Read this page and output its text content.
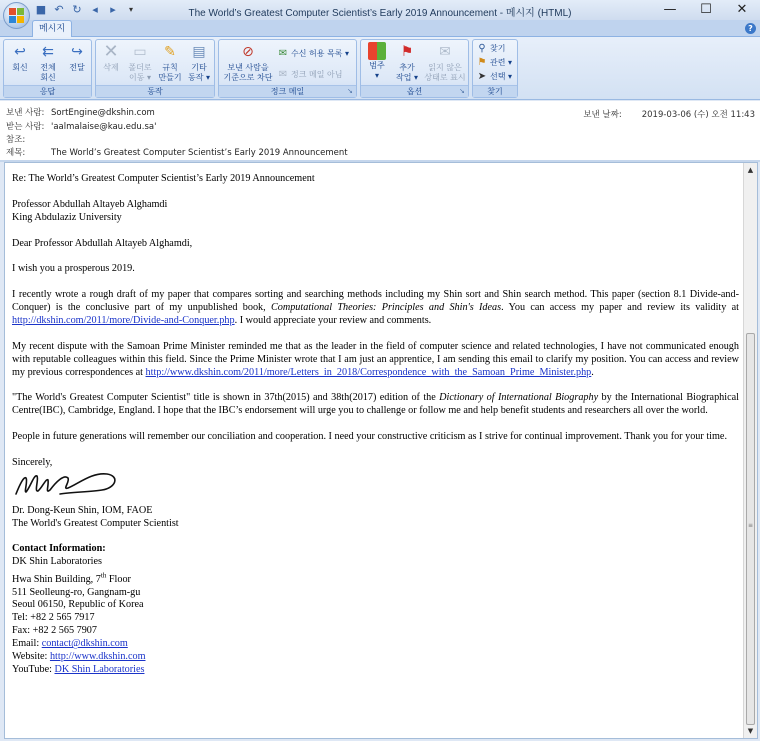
The World’s Greatest Computer Scientist’s Early 2019 Announcement - 메시지 (HTML)	—	☐	✕
■ ↶ ↻ ◂	▸	▾
메시지	?
↩
회신
⇇
전체
회신
↪
전달
응답
✕
삭제
▭
폴더로
이동 ▾
✎
규칙
만들기
▤
기타
동작 ▾
동작
⊘
보낸 사람을
기준으로 차단
✉ 수신 허용 목록 ▾
✉ 정크 메일 아님
정크 메일	↘
범주
▾
⚑
추가
작업 ▾
✉
읽지 않은
상태로 표시
옵션	↘
⚲ 찾기
⚑ 관련 ▾
➤ 선택 ▾
찾기
보낸 사람: SortEngine@dkshin.com
받는 사람: 'aalmalaise@kau.edu.sa'
참조:
제목:	The World’s Greatest Computer Scientist’s Early 2019 Announcement
보낸 날짜: 2019-03-06 (수) 오전 11:43

Re: The World’s Greatest Computer Scientist’s Early 2019 Announcement

Professor Abdullah Altayeb Alghamdi
King Abdulaziz University

Dear Professor Abdullah Altayeb Alghamdi,

I wish you a prosperous 2019.

I recently wrote a rough draft of my paper that compares sorting and searching methods including my Shin sort and Shin search method. This paper (section 8.1 Divide-and-Conquer) is the conclusive part of my unpublished book, Computational Theories: Principles and Shin's Ideas. You can access my paper and review its validity at http://dkshin.com/2011/more/Divide-and-Conquer.php. I would appreciate your review and comments.

My recent dispute with the Samoan Prime Minister reminded me that as the leader in the field of computer science and related technologies, I have not communicated enough with reputable colleagues within this field. Since the Prime Minister wrote that I am just an apprentice, I am sending this email to clarify my position. You can access and review my previous correspondences at http://www.dkshin.com/2011/more/Letters_in_2018/Correspondence_with_the_Samoan_Prime_Minister.php.

"The World's Greatest Computer Scientist" title is shown in 37th(2015) and 38th(2017) edition of the Dictionary of International Biography by the International Biographical Centre(IBC), Cambridge, England. I hope that the IBC’s endorsement will urge you to challenge or follow me and help benefit students and researchers all over the world.

People in future generations will remember our conciliation and cooperation. I need your constructive criticism as I strive for continual improvement. Thank you for your time.

Sincerely,

Dr. Dong-Keun Shin, IOM, FAOE
The World's Greatest Computer Scientist

Contact Information:
DK Shin Laboratories
Hwa Shin Building, 7th Floor
511 Seolleung-ro, Gangnam-gu
Seoul 06150, Republic of Korea
Tel: +82 2 565 7917
Fax: +82 2 565 7907
Email: contact@dkshin.com
Website: http://www.dkshin.com
YouTube: DK Shin Laboratories

▲
≡
▼
